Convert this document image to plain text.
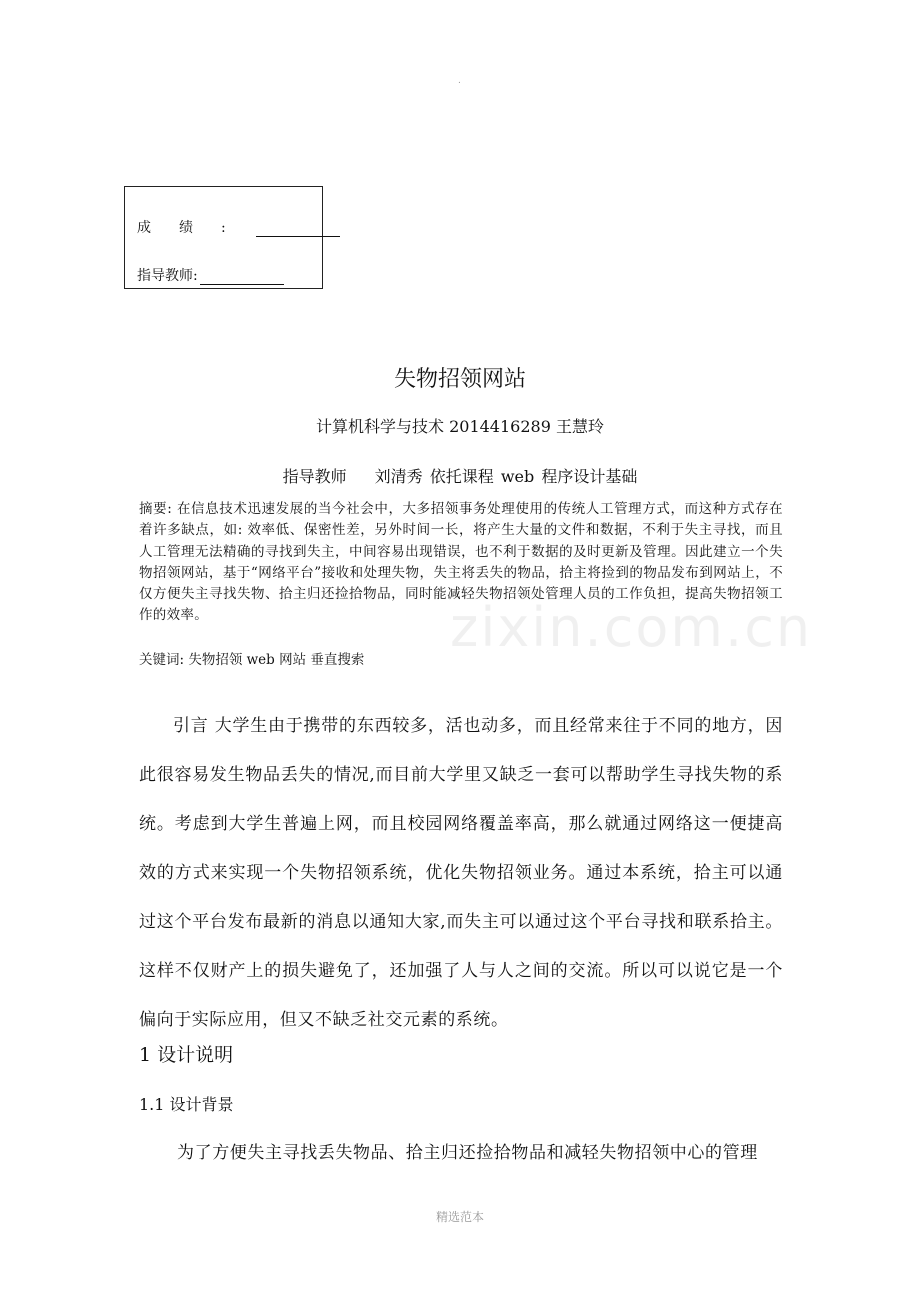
.
成绩:
指导教师:
失物招领网站
计算机科学与技术 2014416289 王慧玲
指导教师 刘清秀 依托课程 web 程序设计基础
摘要: 在信息技术迅速发展的当今社会中，大多招领事务处理使用的传统人工管理方式，而这种方式存在着许多缺点，如: 效率低、保密性差，另外时间一长，将产生大量的文件和数据，不利于失主寻找，而且人工管理无法精确的寻找到失主，中间容易出现错误，也不利于数据的及时更新及管理。因此建立一个失物招领网站，基于“网络平台”接收和处理失物，失主将丢失的物品，拾主将捡到的物品发布到网站上，不仅方便失主寻找失物、拾主归还捡拾物品，同时能减轻失物招领处管理人员的工作负担，提高失物招领工作的效率。
关键词: 失物招领 web 网站 垂直搜索
zixin.com.cn

引言 大学生由于携带的东西较多，活也动多，而且经常来往于不同的地方，因此很容易发生物品丢失的情况,而目前大学里又缺乏一套可以帮助学生寻找失物的系统。考虑到大学生普遍上网，而且校园网络覆盖率高，那么就通过网络这一便捷高效的方式来实现一个失物招领系统，优化失物招领业务。通过本系统，拾主可以通过这个平台发布最新的消息以通知大家,而失主可以通过这个平台寻找和联系拾主。这样不仅财产上的损失避免了，还加强了人与人之间的交流。所以可以说它是一个偏向于实际应用，但又不缺乏社交元素的系统。

1 设计说明
1.1 设计背景
为了方便失主寻找丢失物品、拾主归还捡拾物品和减轻失物招领中心的管理
精选范本
